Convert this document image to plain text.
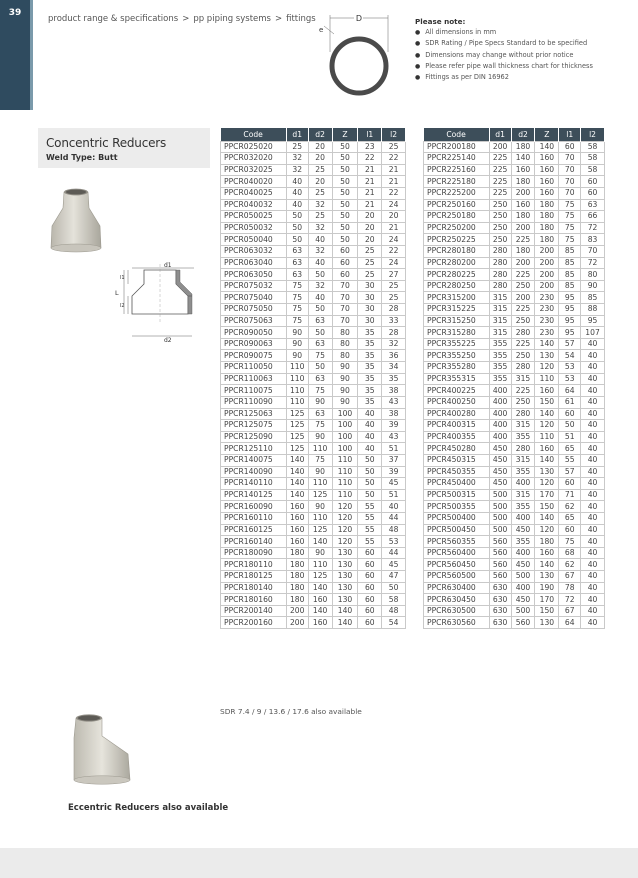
39
product range & specifications > pp piping systems > fittings	D
e
Please note:
● All dimensions in mm
● SDR Rating / Pipe Specs Standard to be specified
● Dimensions may change without prior notice
● Please refer pipe wall thickness chart for thickness
● Fittings as per DIN 16962
Concentric Reducers
Weld Type: Butt
d1
d2
L
l1
l2
Code	d1	d2	Z	l1	l2
PPCR025020	25	20	50	23	25
PPCR032020	32	20	50	22	22
PPCR032025	32	25	50	21	21
PPCR040020	40	20	50	21	21
PPCR040025	40	25	50	21	22
PPCR040032	40	32	50	21	24
PPCR050025	50	25	50	20	20
PPCR050032	50	32	50	20	21
PPCR050040	50	40	50	20	24
PPCR063032	63	32	60	25	22
PPCR063040	63	40	60	25	24
PPCR063050	63	50	60	25	27
PPCR075032	75	32	70	30	25
PPCR075040	75	40	70	30	25
PPCR075050	75	50	70	30	28
PPCR075063	75	63	70	30	33
PPCR090050	90	50	80	35	28
PPCR090063	90	63	80	35	32
PPCR090075	90	75	80	35	36
PPCR110050	110	50	90	35	34
PPCR110063	110	63	90	35	35
PPCR110075	110	75	90	35	38
PPCR110090	110	90	90	35	43
PPCR125063	125	63	100	40	38
PPCR125075	125	75	100	40	39
PPCR125090	125	90	100	40	43
PPCR125110	125	110	100	40	51
PPCR140075	140	75	110	50	37
PPCR140090	140	90	110	50	39
PPCR140110	140	110	110	50	45
PPCR140125	140	125	110	50	51
PPCR160090	160	90	120	55	40
PPCR160110	160	110	120	55	44
PPCR160125	160	125	120	55	48
PPCR160140	160	140	120	55	53
PPCR180090	180	90	130	60	44
PPCR180110	180	110	130	60	45
PPCR180125	180	125	130	60	47
PPCR180140	180	140	130	60	50
PPCR180160	180	160	130	60	58
PPCR200140	200	140	140	60	48
PPCR200160	200	160	140	60	54
Code	d1	d2	Z	l1	l2
PPCR200180	200	180	140	60	58
PPCR225140	225	140	160	70	58
PPCR225160	225	160	160	70	58
PPCR225180	225	180	160	70	60
PPCR225200	225	200	160	70	60
PPCR250160	250	160	180	75	63
PPCR250180	250	180	180	75	66
PPCR250200	250	200	180	75	72
PPCR250225	250	225	180	75	83
PPCR280180	280	180	200	85	70
PPCR280200	280	200	200	85	72
PPCR280225	280	225	200	85	80
PPCR280250	280	250	200	85	90
PPCR315200	315	200	230	95	85
PPCR315225	315	225	230	95	88
PPCR315250	315	250	230	95	95
PPCR315280	315	280	230	95	107
PPCR355225	355	225	140	57	40
PPCR355250	355	250	130	54	40
PPCR355280	355	280	120	53	40
PPCR355315	355	315	110	53	40
PPCR400225	400	225	160	64	40
PPCR400250	400	250	150	61	40
PPCR400280	400	280	140	60	40
PPCR400315	400	315	120	50	40
PPCR400355	400	355	110	51	40
PPCR450280	450	280	160	65	40
PPCR450315	450	315	140	55	40
PPCR450355	450	355	130	57	40
PPCR450400	450	400	120	60	40
PPCR500315	500	315	170	71	40
PPCR500355	500	355	150	62	40
PPCR500400	500	400	140	65	40
PPCR500450	500	450	120	60	40
PPCR560355	560	355	180	75	40
PPCR560400	560	400	160	68	40
PPCR560450	560	450	140	62	40
PPCR560500	560	500	130	67	40
PPCR630400	630	400	190	78	40
PPCR630450	630	450	170	72	40
PPCR630500	630	500	150	67	40
PPCR630560	630	560	130	64	40
SDR 7.4 / 9 / 13.6 / 17.6 also available
Eccentric Reducers also available
